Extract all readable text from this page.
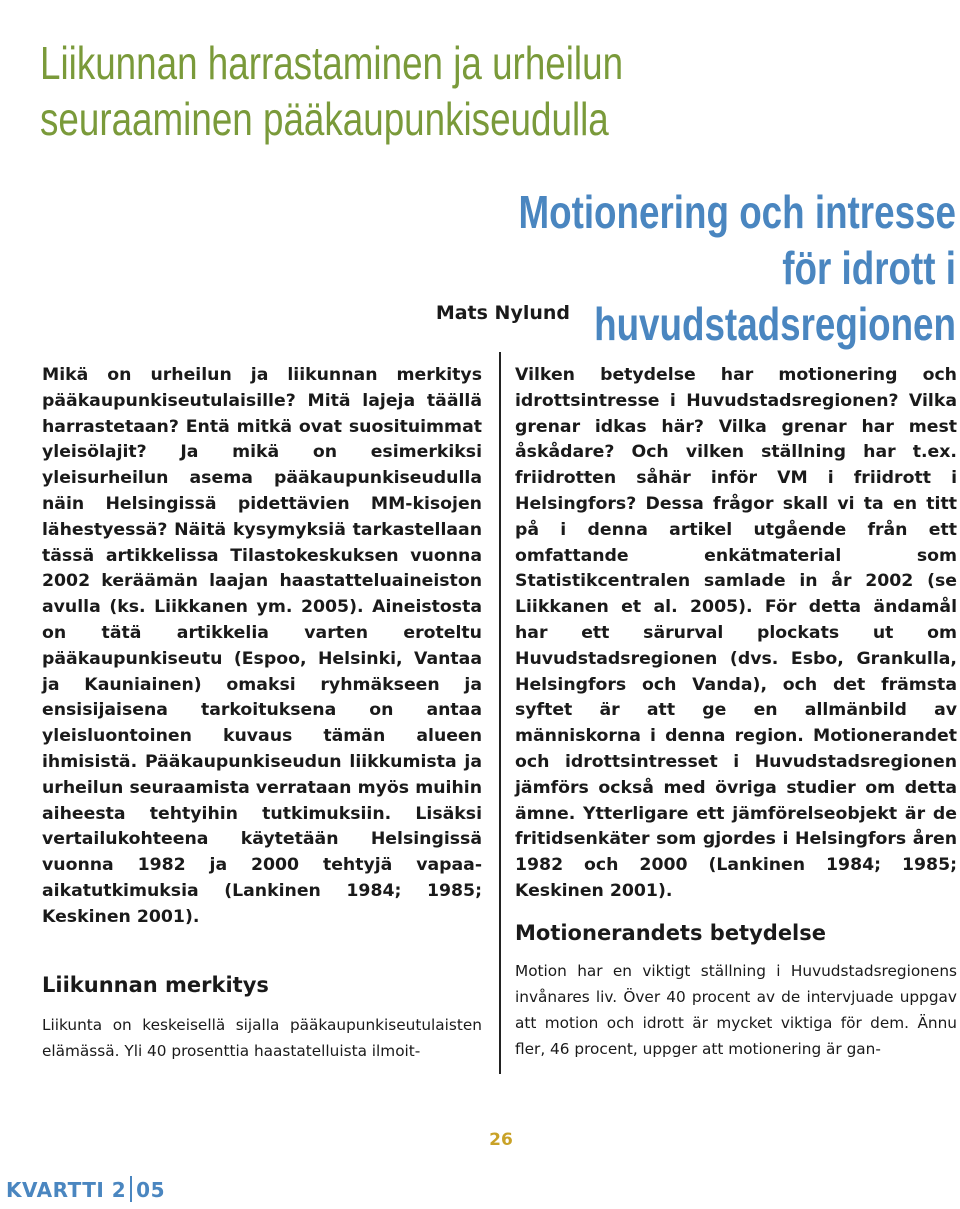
Liikunnan harrastaminen ja urheilun seuraaminen pääkaupunkiseudulla
Motionering och intresse för idrott i huvudstadsregionen
Mats Nylund

Mikä on urheilun ja liikunnan merkitys pääkaupunkiseutulaisille? Mitä lajeja täällä harrastetaan? Entä mitkä ovat suosituimmat yleisölajit? Ja mikä on esimerkiksi yleisurheilun asema pääkaupunkiseudulla näin Helsingissä pidettävien MM-kisojen lähestyessä? Näitä kysymyksiä tarkastellaan tässä artikkelissa Tilastokeskuksen vuonna 2002 keräämän laajan haastatteluaineiston avulla (ks. Liikkanen ym. 2005). Aineistosta on tätä artikkelia varten eroteltu pääkaupunkiseutu (Espoo, Helsinki, Vantaa ja Kauniainen) omaksi ryhmäkseen ja ensisijaisena tarkoituksena on antaa yleisluontoinen kuvaus tämän alueen ihmisistä. Pääkaupunkiseudun liikkumista ja urheilun seuraamista verrataan myös muihin aiheesta tehtyihin tutkimuksiin. Lisäksi vertailukohteena käytetään Helsingissä vuonna 1982 ja 2000 tehtyjä vapaa-aikatutkimuksia (Lankinen 1984; 1985; Keskinen 2001).

Vilken betydelse har motionering och idrottsintresse i Huvudstadsregionen? Vilka grenar idkas här? Vilka grenar har mest åskådare? Och vilken ställning har t.ex. friidrotten såhär inför VM i friidrott i Helsingfors? Dessa frågor skall vi ta en titt på i denna artikel utgående från ett omfattande enkätmaterial som Statistikcentralen samlade in år 2002 (se Liikkanen et al. 2005). För detta ändamål har ett särurval plockats ut om Huvudstadsregionen (dvs. Esbo, Grankulla, Helsingfors och Vanda), och det främsta syftet är att ge en allmänbild av människorna i denna region. Motionerandet och idrottsintresset i Huvudstadsregionen jämförs också med övriga studier om detta ämne. Ytterligare ett jämförelseobjekt är de fritidsenkäter som gjordes i Helsingfors åren 1982 och 2000 (Lankinen 1984; 1985; Keskinen 2001).

Liikunnan merkitys

Liikunta on keskeisellä sijalla pääkaupunkiseutulaisten elämässä. Yli 40 prosenttia haastatelluista ilmoit-

Motionerandets betydelse

Motion har en viktigt ställning i Huvudstadsregionens invånares liv. Över 40 procent av de intervjuade uppgav att motion och idrott är mycket viktiga för dem. Ännu fler, 46 procent, uppger att motionering är gan-

26
KVARTTI 2 05
